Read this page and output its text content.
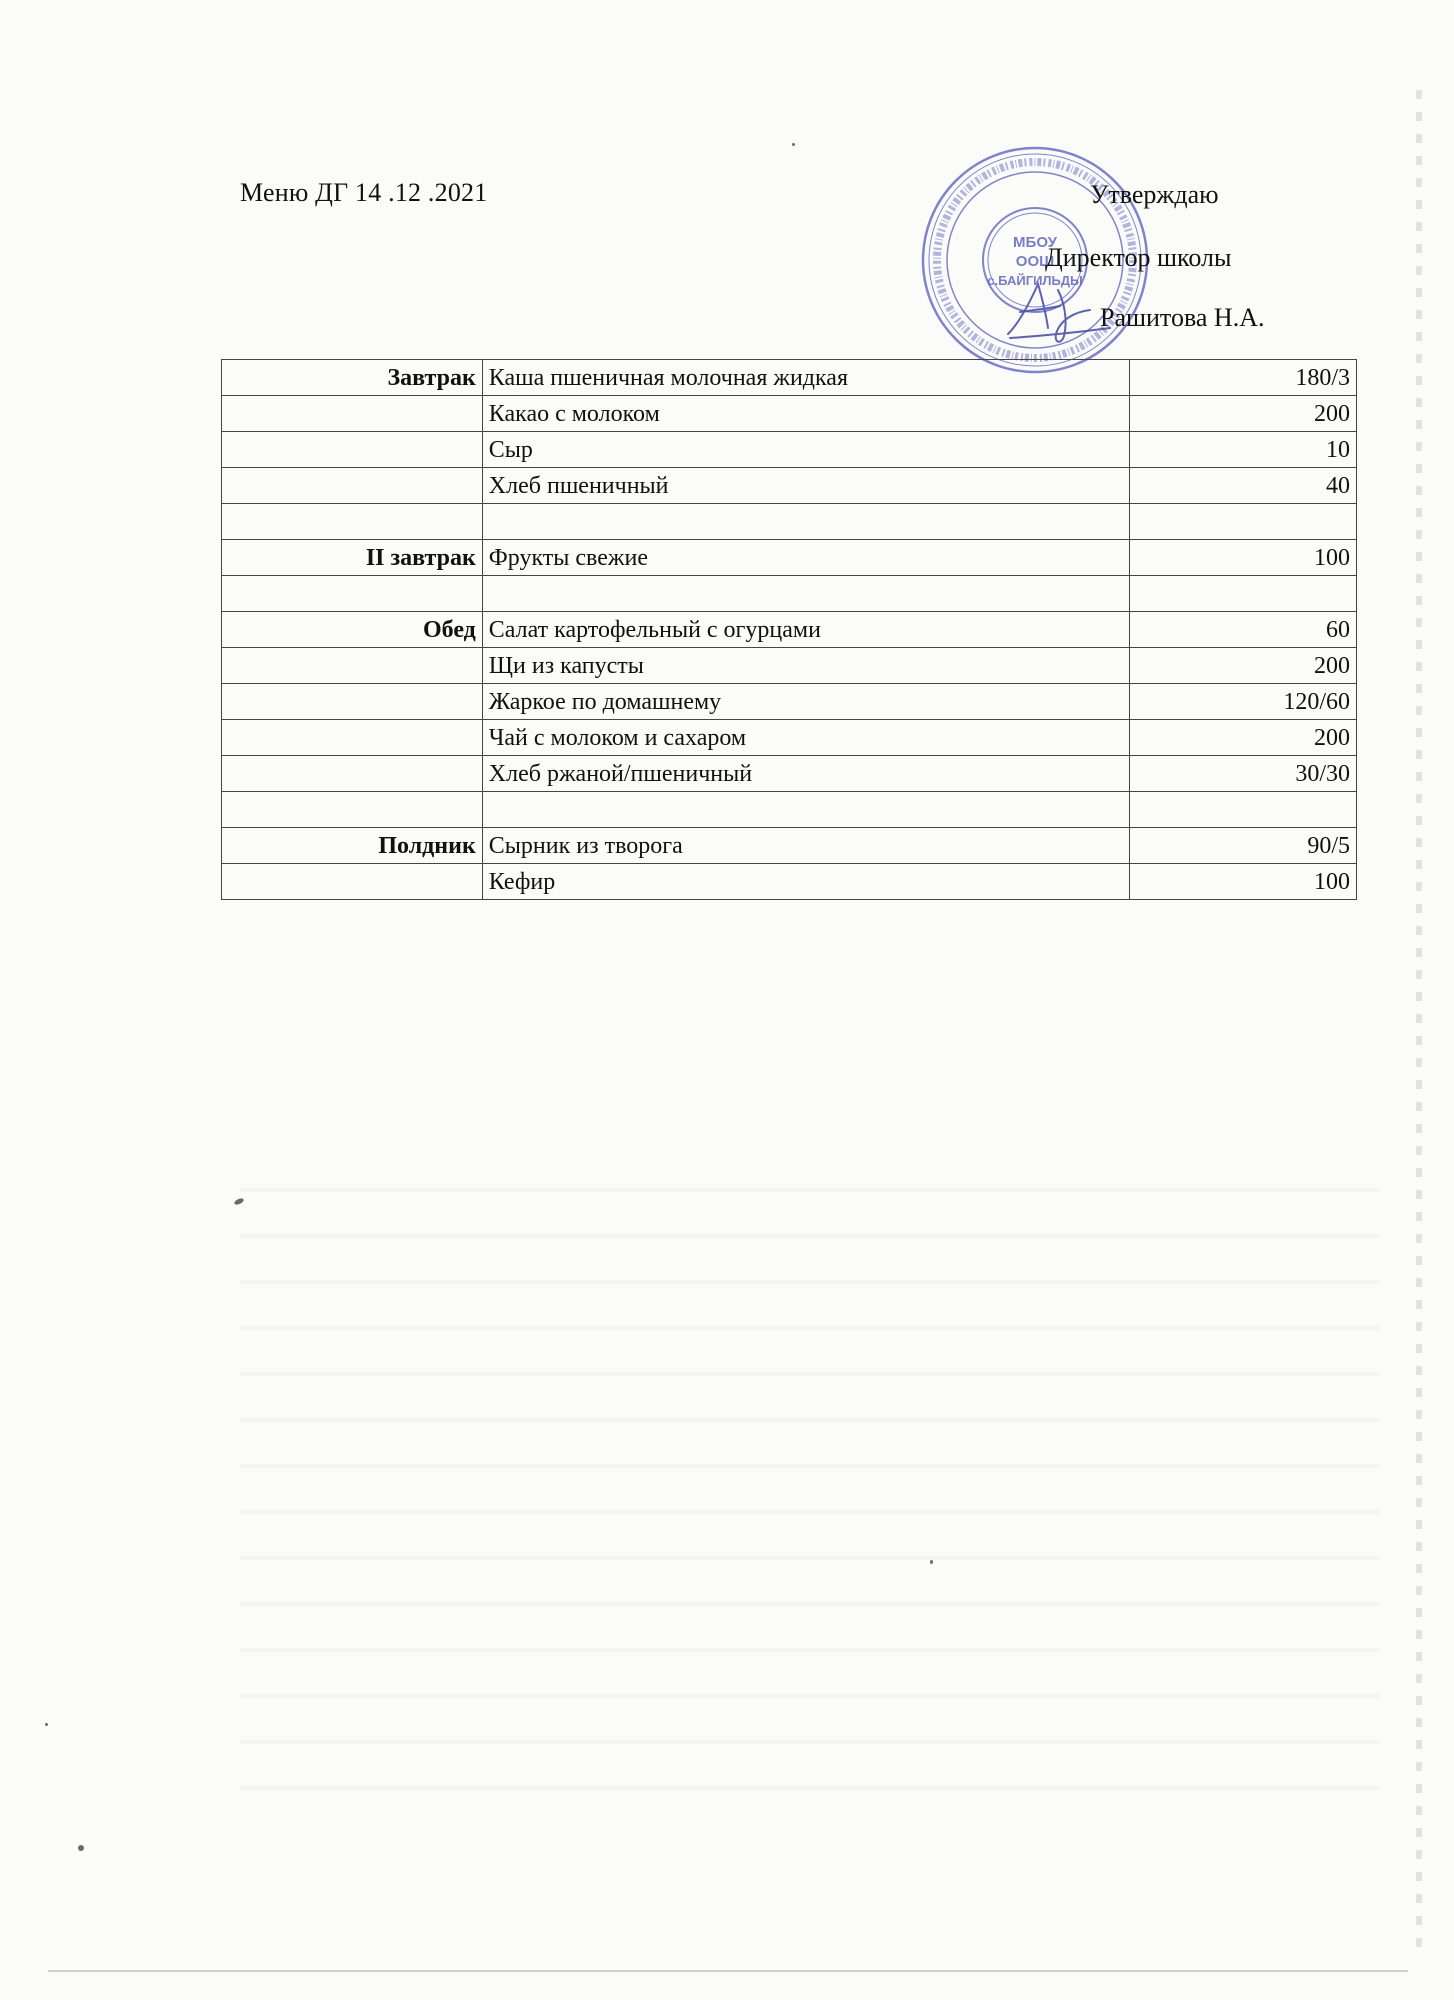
Меню ДГ 14 .12 .2021
МБОУ
ООШ
с.БАЙГИЛЬДЫ
Утверждаю
Директор школы
Рашитова Н.А.
Завтрак	Каша пшеничная молочная жидкая	180/3
	Какао с молоком	200
	Сыр	10
	Хлеб пшеничный	40

II завтрак	Фрукты свежие	100

Обед	Салат картофельный с огурцами	60
	Щи из капусты	200
	Жаркое по домашнему	120/60
	Чай с молоком и сахаром	200
	Хлеб ржаной/пшеничный	30/30

Полдник	Сырник из творога	90/5
	Кефир	100
